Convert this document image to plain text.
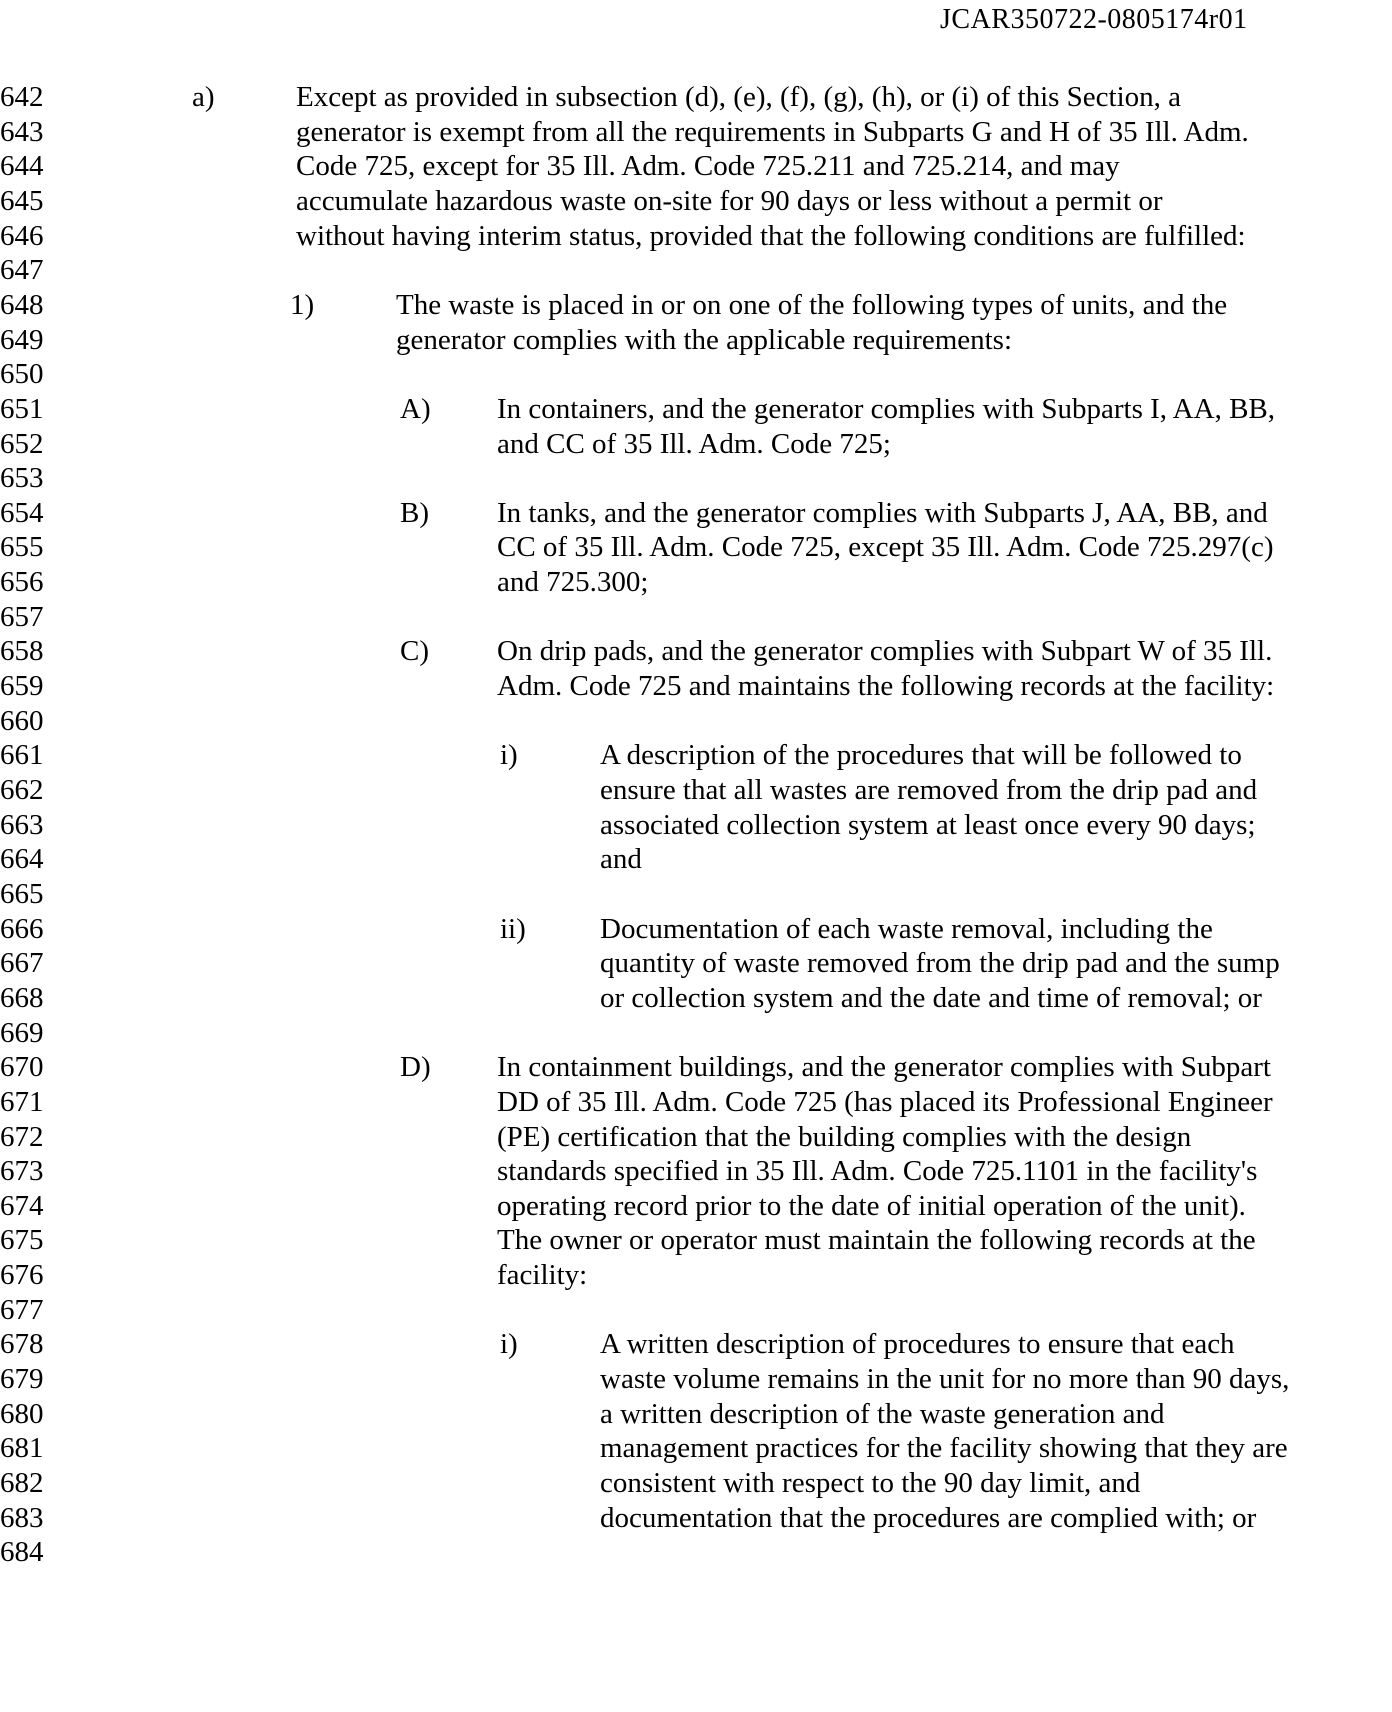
JCAR350722-0805174r01
642	a)	Except as provided in subsection (d), (e), (f), (g), (h), or (i) of this Section, a
643	generator is exempt from all the requirements in Subparts G and H of 35 Ill. Adm.
644	Code 725, except for 35 Ill. Adm. Code 725.211 and 725.214, and may
645	accumulate hazardous waste on-site for 90 days or less without a permit or
646	without having interim status, provided that the following conditions are fulfilled:
647
648	1)	The waste is placed in or on one of the following types of units, and the
649	generator complies with the applicable requirements:
650
651	A) In containers, and the generator complies with Subparts I, AA, BB,
652	and CC of 35 Ill. Adm. Code 725;
653
654	B) In tanks, and the generator complies with Subparts J, AA, BB, and
655	CC of 35 Ill. Adm. Code 725, except 35 Ill. Adm. Code 725.297(c)
656	and 725.300;
657
658	C) On drip pads, and the generator complies with Subpart W of 35 Ill.
659	Adm. Code 725 and maintains the following records at the facility:
660
661	i)	A description of the procedures that will be followed to
662	ensure that all wastes are removed from the drip pad and
663	associated collection system at least once every 90 days;
664	and
665
666	ii)	Documentation of each waste removal, including the
667	quantity of waste removed from the drip pad and the sump
668	or collection system and the date and time of removal; or
669
670	D) In containment buildings, and the generator complies with Subpart
671	DD of 35 Ill. Adm. Code 725 (has placed its Professional Engineer
672	(PE) certification that the building complies with the design
673	standards specified in 35 Ill. Adm. Code 725.1101 in the facility's
674	operating record prior to the date of initial operation of the unit).
675	The owner or operator must maintain the following records at the
676	facility:
677
678	i)	A written description of procedures to ensure that each
679	waste volume remains in the unit for no more than 90 days,
680	a written description of the waste generation and
681	management practices for the facility showing that they are
682	consistent with respect to the 90 day limit, and
683	documentation that the procedures are complied with; or
684
